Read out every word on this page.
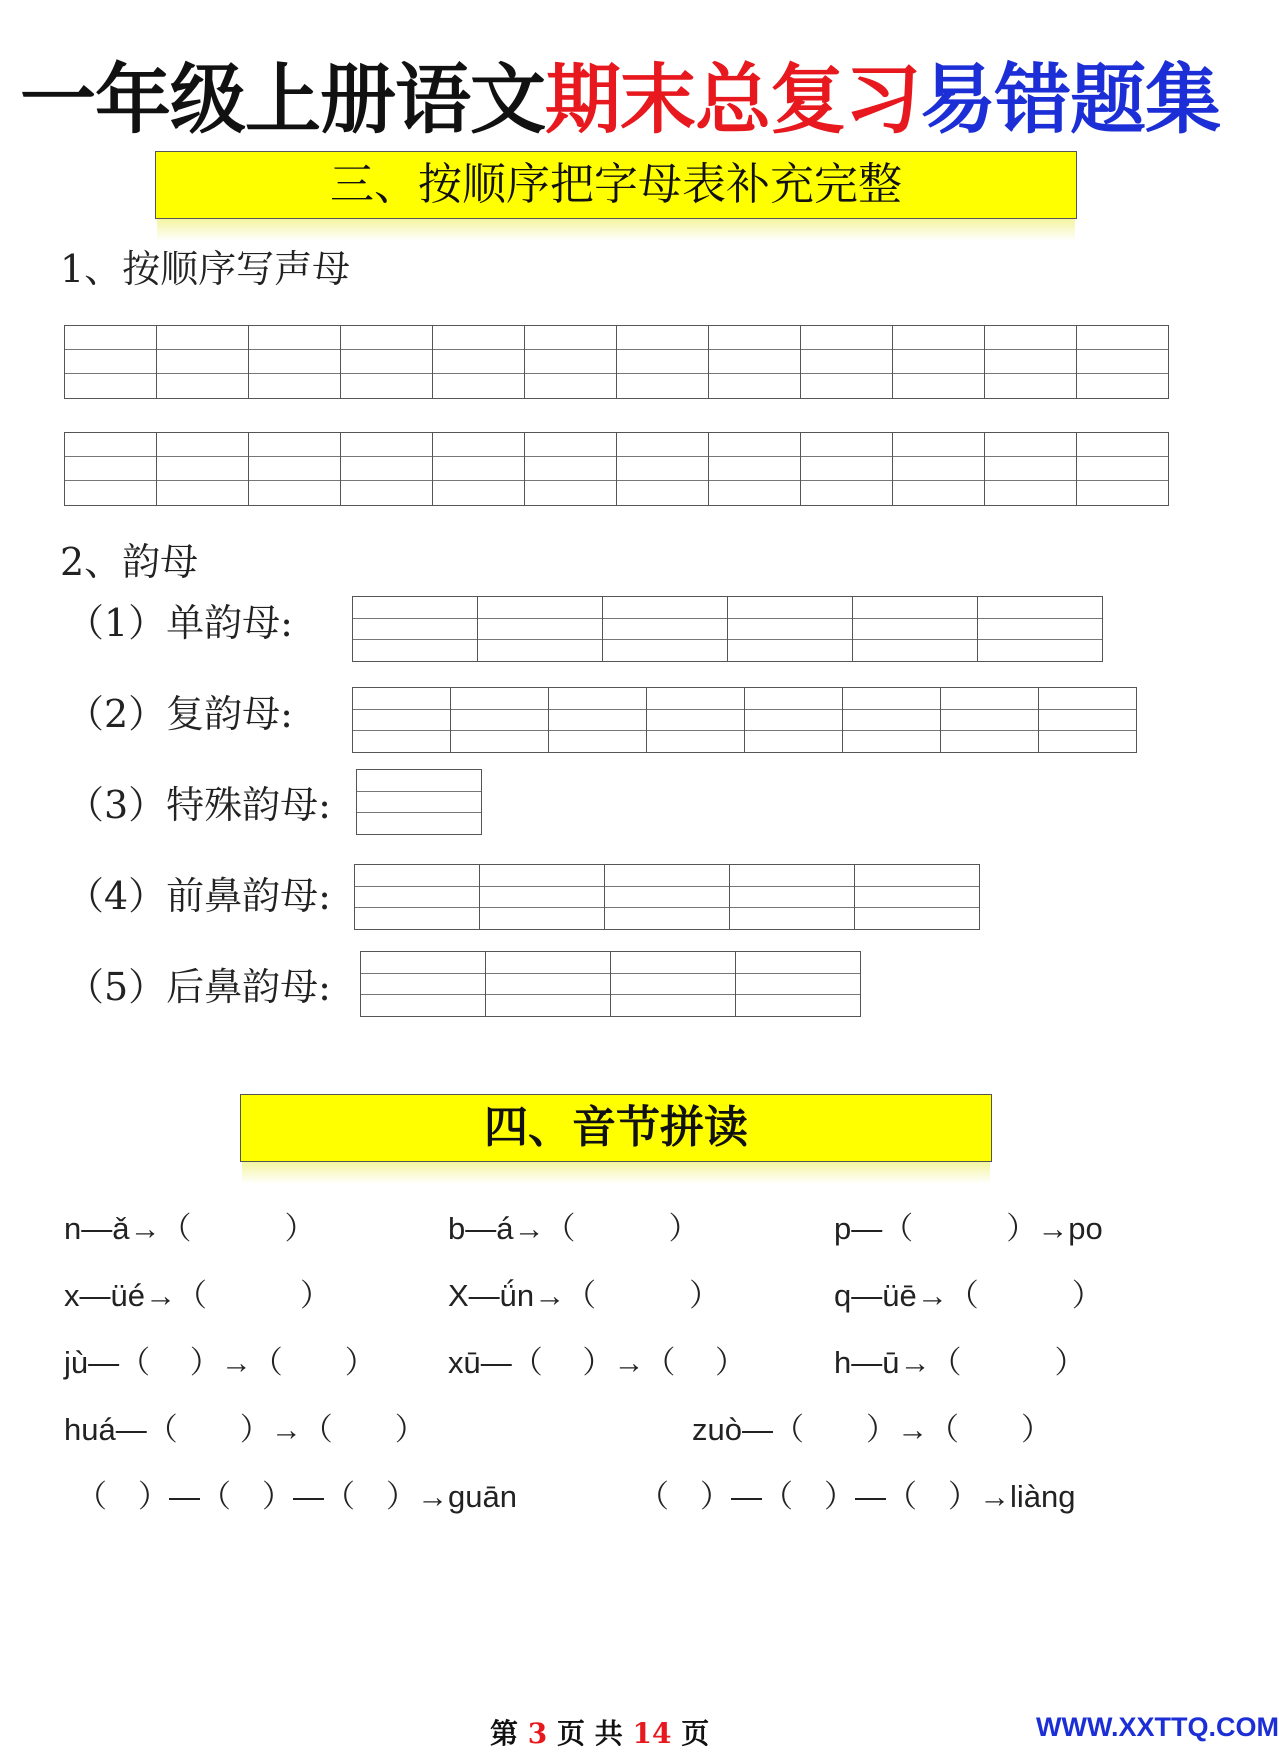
一年级上册语文期末总复习易错题集
三、按顺序把字母表补充完整
1、按顺序写声母
2、韵母
（1）单韵母:
（2）复韵母:
（3）特殊韵母:
（4）前鼻韵母:
（5）后鼻韵母:
四、音节拼读
n—ǎ→（　　　）	b—á→（　　　）	p—（　　　）→po
x—üé→（　　　）	X—ǘn→（　　　）	q—üē→（　　　）
jù—（　 ）→（　　） xū—（　 ）→（　 ）	h—ū→（　　　）
huá—（　　）→（　　）	zuò—（　　）→（　　）
（　）—（　）—（　）→guān	（　）—（　）—（　）→liàng
第 3 页 共 14 页	WWW.XXTTQ.COM
